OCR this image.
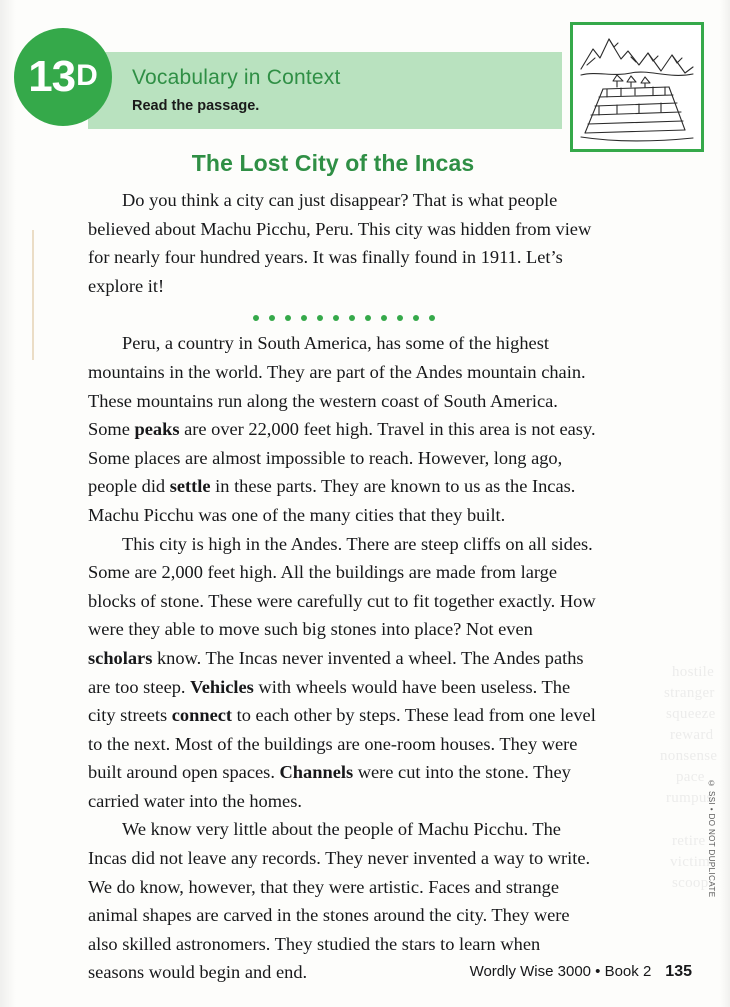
13 D Vocabulary in Context
Read the passage.
The Lost City of the Incas

Do you think a city can just disappear? That is what people believed about Machu Picchu, Peru. This city was hidden from view for nearly four hundred years. It was finally found in 1911. Let’s explore it!

Peru, a country in South America, has some of the highest mountains in the world. They are part of the Andes mountain chain. These mountains run along the western coast of South America. Some peaks are over 22,000 feet high. Travel in this area is not easy. Some places are almost impossible to reach. However, long ago, people did settle in these parts. They are known to us as the Incas. Machu Picchu was one of the many cities that they built.

This city is high in the Andes. There are steep cliffs on all sides. Some are 2,000 feet high. All the buildings are made from large blocks of stone. These were carefully cut to fit together exactly. How were they able to move such big stones into place? Not even scholars know. The Incas never invented a wheel. The Andes paths are too steep. Vehicles with wheels would have been useless. The city streets connect to each other by steps. These lead from one level to the next. Most of the buildings are one-room houses. They were built around open spaces. Channels were cut into the stone. They carried water into the homes.

We know very little about the people of Machu Picchu. The Incas did not leave any records. They never invented a way to write. We do know, however, that they were artistic. Faces and strange animal shapes are carved in the stones around the city. They were also skilled astronomers. They studied the stars to learn when seasons would begin and end.

hostile
stranger
squeeze
reward
nonsense
pace
rumpus
retire
victim
scoop
© SSI • DO NOT DUPLICATE
Wordly Wise 3000 • Book 2 135
